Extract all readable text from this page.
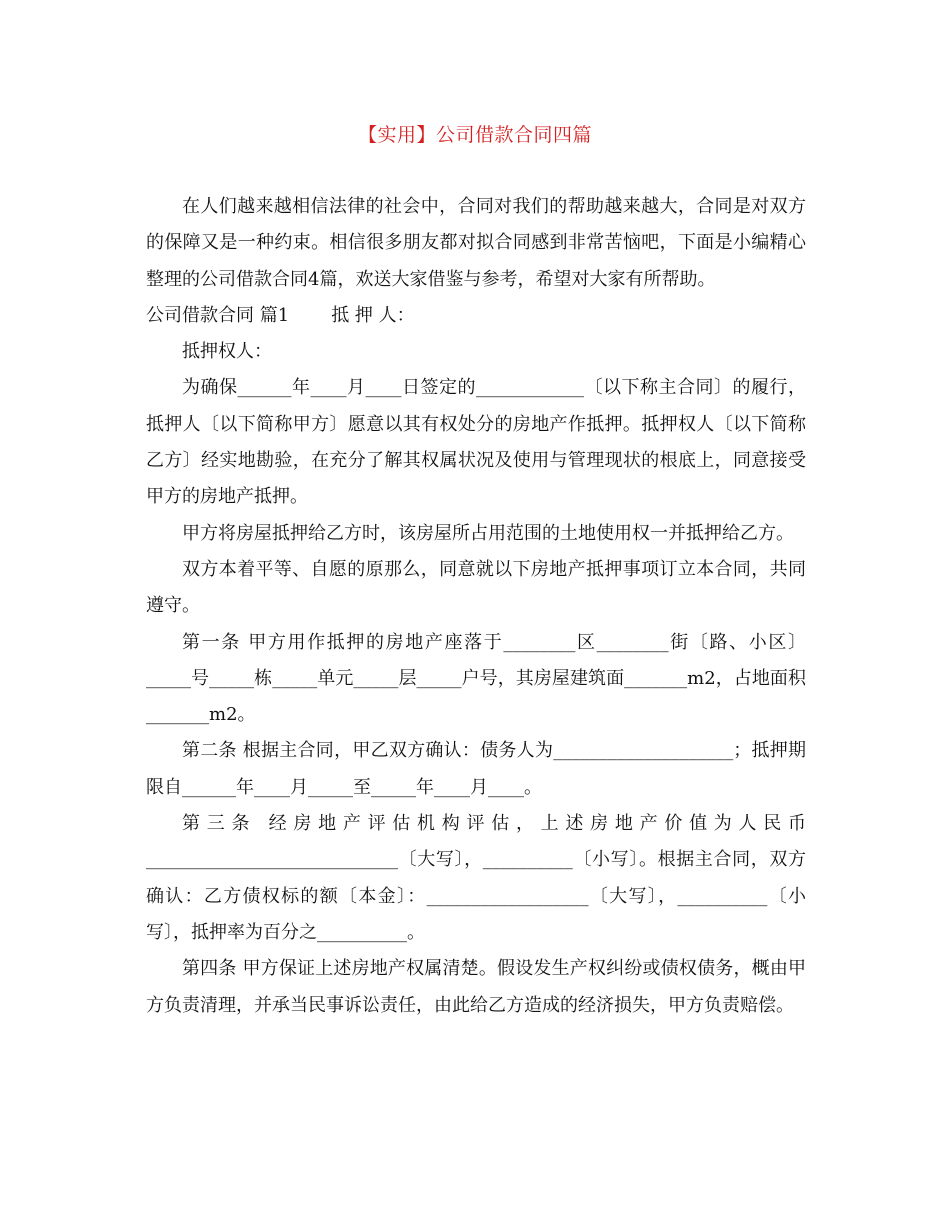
【实用】公司借款合同四篇

在人们越来越相信法律的社会中，合同对我们的帮助越来越大，合同是对双方的保障又是一种约束。相信很多朋友都对拟合同感到非常苦恼吧，下面是小编精心整理的公司借款合同4篇，欢送大家借鉴与参考，希望对大家有所帮助。

公司借款合同 篇1 抵 押 人：

抵押权人：

为确保______年____月____日签定的____________〔以下称主合同〕的履行，抵押人〔以下简称甲方〕愿意以其有权处分的房地产作抵押。抵押权人〔以下简称乙方〕经实地勘验，在充分了解其权属状况及使用与管理现状的根底上，同意接受甲方的房地产抵押。

甲方将房屋抵押给乙方时，该房屋所占用范围的土地使用权一并抵押给乙方。

双方本着平等、自愿的原那么，同意就以下房地产抵押事项订立本合同，共同遵守。

第一条 甲方用作抵押的房地产座落于________区________街〔路、小区〕_____号_____栋_____单元_____层_____户号，其房屋建筑面_______m2，占地面积_______m2。

第二条 根据主合同，甲乙双方确认：债务人为____________________；抵押期限自______年____月_____至_____年____月____。

第三条 经房地产评估机构评估，上述房地产价值为人民币____________________________〔大写〕，__________〔小写〕。根据主合同，双方确认：乙方债权标的额〔本金〕：__________________〔大写〕，__________〔小写〕，抵押率为百分之__________。

第四条 甲方保证上述房地产权属清楚。假设发生产权纠纷或债权债务，概由甲方负责清理，并承当民事诉讼责任，由此给乙方造成的经济损失，甲方负责赔偿。
